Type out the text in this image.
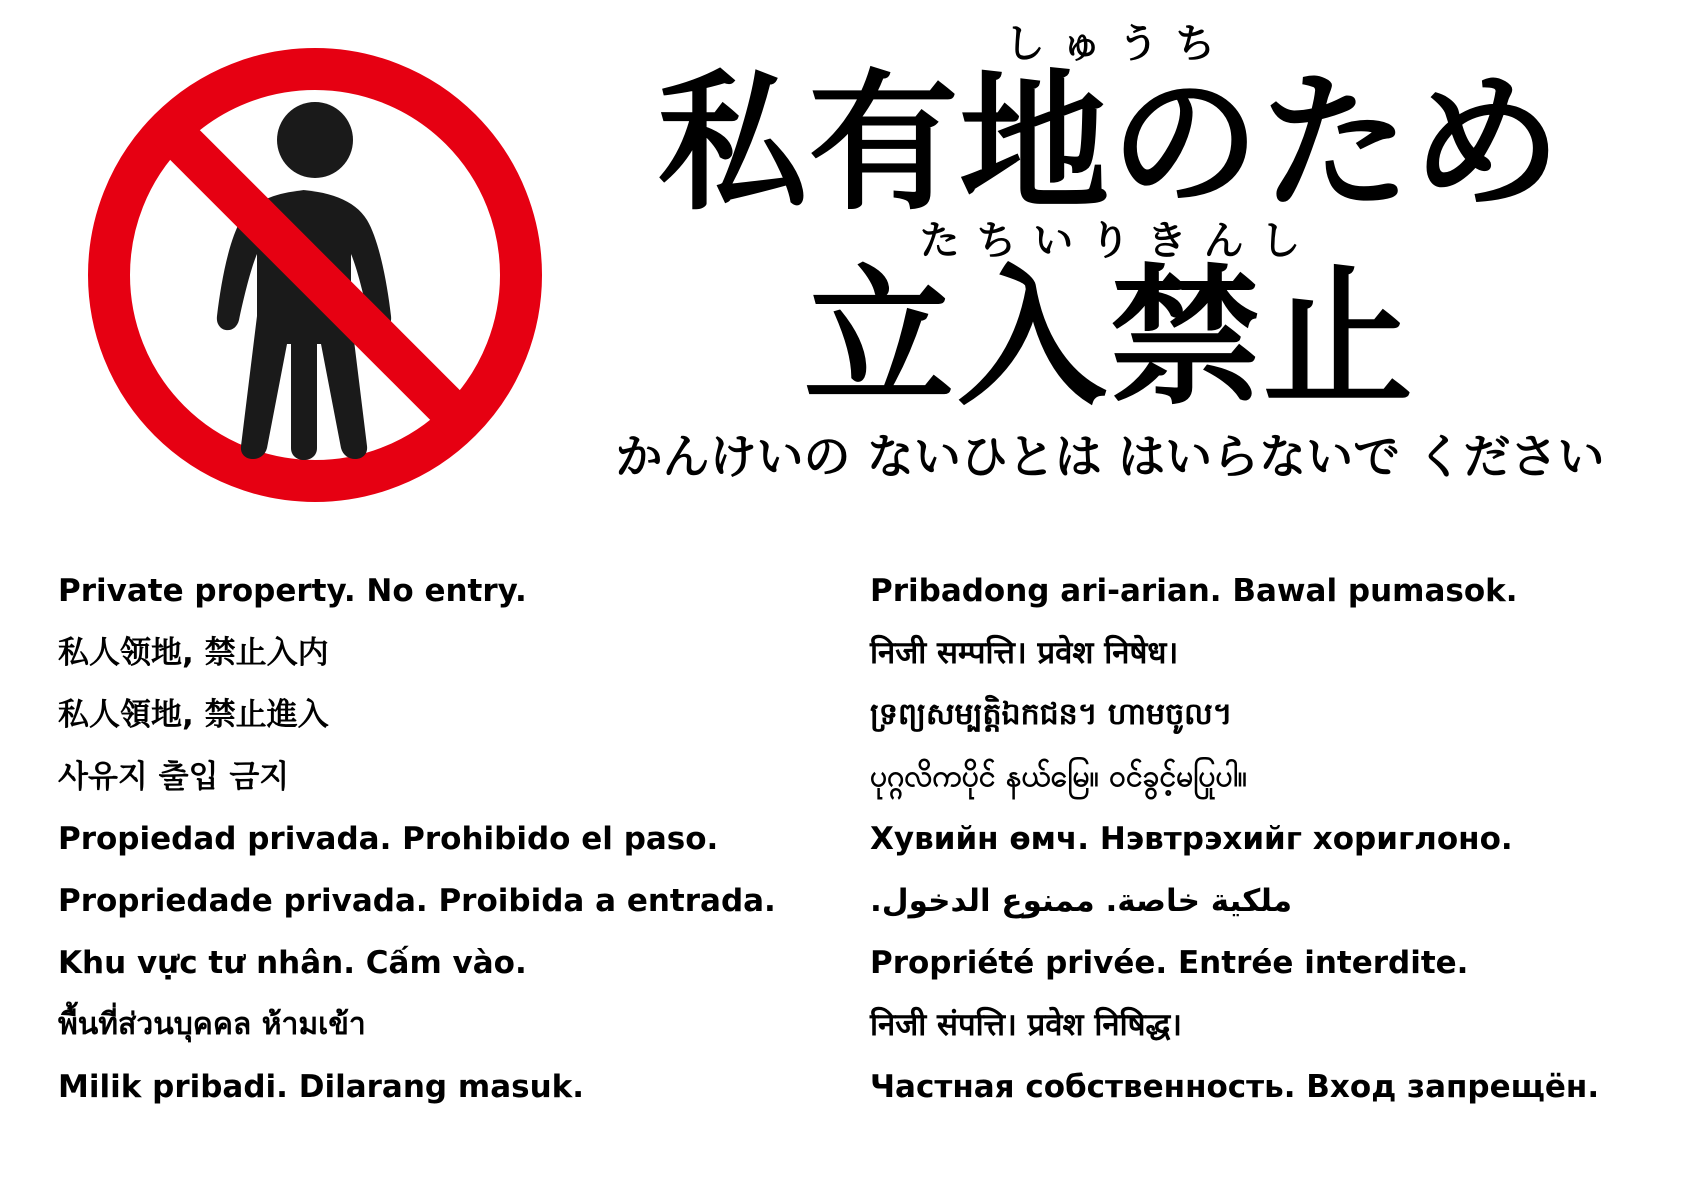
しゅうち
私有地のため
たちいりきんし
立入禁止
かんけいの ないひとは はいらないで ください
Private property. No entry.
私人领地, 禁止入内
私人領地, 禁止進入
사유지 출입 금지
Propiedad privada. Prohibido el paso.
Propriedade privada. Proibida a entrada.
Khu vực tư nhân. Cấm vào.
พื้นที่ส่วนบุคคล ห้ามเข้า
Milik pribadi. Dilarang masuk.
Pribadong ari-arian. Bawal pumasok.
निजी सम्पत्ति। प्रवेश निषेध।
ទ្រព្យសម្បត្តិឯកជន។ ហាមចូល។
ပုဂ္ဂလိကပိုင် နယ်မြေ။ ဝင်ခွင့်မပြုပါ။
Хувийн өмч. Нэвтрэхийг хориглоно.
ملكية خاصة. ممنوع الدخول.
Propriété privée. Entrée interdite.
निजी संपत्ति। प्रवेश निषिद्ध।
Частная собственность. Вход запрещён.
